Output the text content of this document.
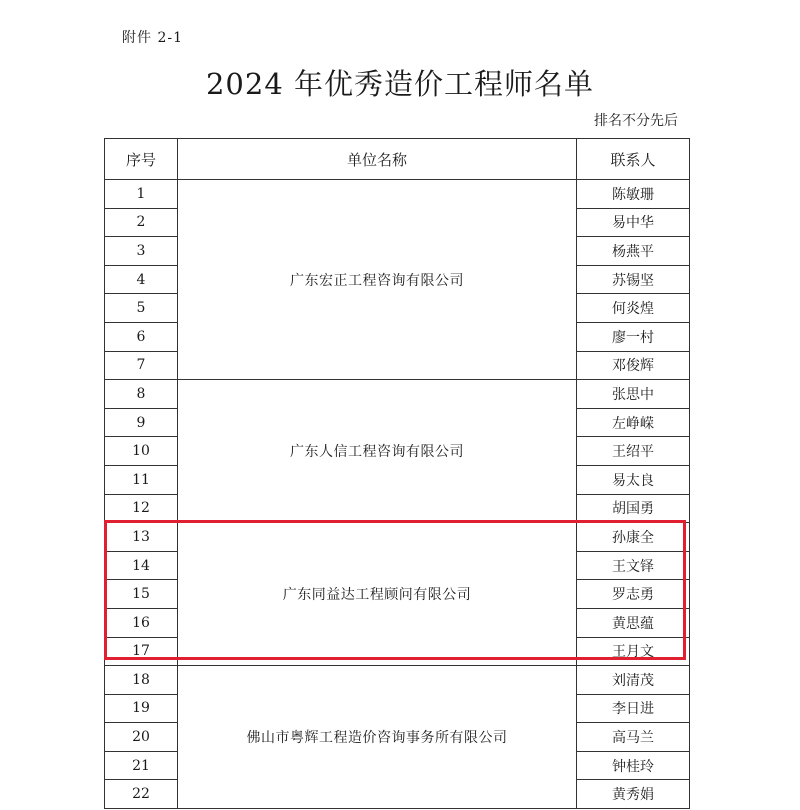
附件 2-1
2024 年优秀造价工程师名单
排名不分先后
序号	单位名称	联系人
1	广东宏正工程咨询有限公司	陈敏珊
2		易中华
3		杨燕平
4		苏锡坚
5		何炎煌
6		廖一村
7		邓俊辉
8	广东人信工程咨询有限公司	张思中
9		左峥嵘
10		王绍平
11		易太良
12		胡国勇
13	广东同益达工程顾问有限公司	孙康全
14		王文铎
15		罗志勇
16		黄思蕴
17		王月文
18	佛山市粤辉工程造价咨询事务所有限公司	刘清茂
19		李日进
20		高马兰
21		钟桂玲
22		黄秀娟
